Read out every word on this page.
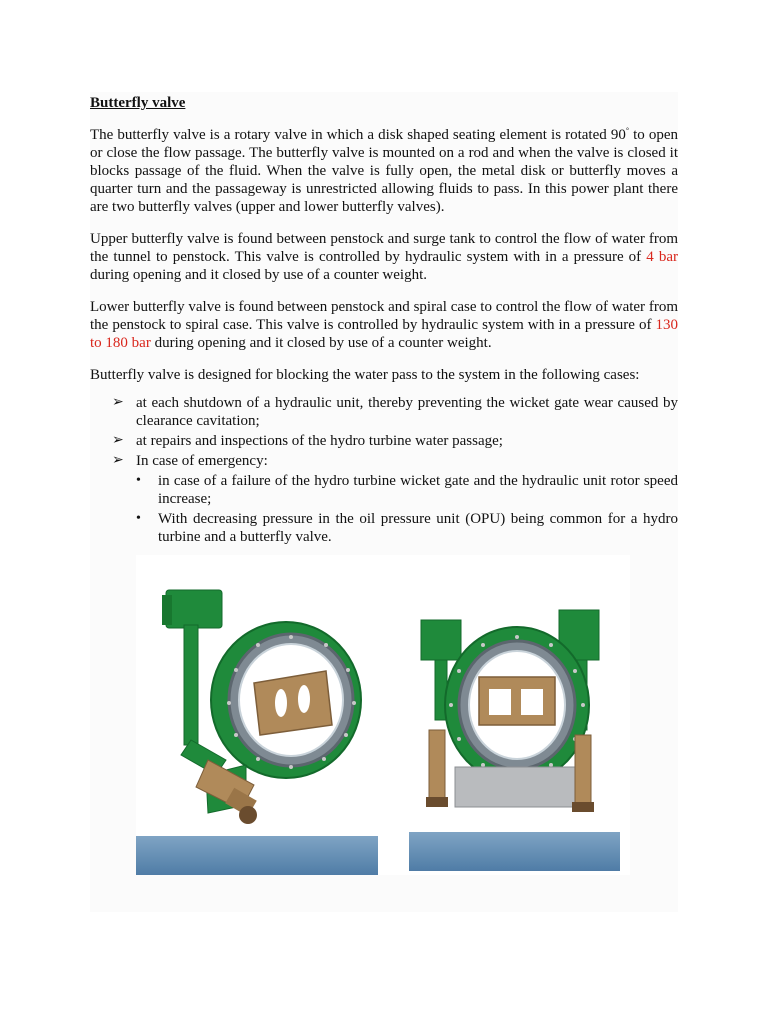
Butterfly valve

The butterfly valve is a rotary valve in which a disk shaped seating element is rotated 90° to open or close the flow passage. The butterfly valve is mounted on a rod and when the valve is closed it blocks passage of the fluid. When the valve is fully open, the metal disk or butterfly moves a quarter turn and the passageway is unrestricted allowing fluids to pass. In this power plant there are two butterfly valves (upper and lower butterfly valves).

Upper butterfly valve is found between penstock and surge tank to control the flow of water from the tunnel to penstock. This valve is controlled by hydraulic system with in a pressure of 4 bar during opening and it closed by use of a counter weight.

Lower butterfly valve is found between penstock and spiral case to control the flow of water from the penstock to spiral case. This valve is controlled by hydraulic system with in a pressure of 130 to 180 bar during opening and it closed by use of a counter weight.

Butterfly valve is designed for blocking the water pass to the system in the following cases:

➢ at each shutdown of a hydraulic unit, thereby preventing the wicket gate wear caused by clearance cavitation;
➢ at repairs and inspections of the hydro turbine water passage;
➢ In case of emergency:
• in case of a failure of the hydro turbine wicket gate and the hydraulic unit rotor speed increase;
• With decreasing pressure in the oil pressure unit (OPU) being common for a hydro turbine and a butterfly valve.
